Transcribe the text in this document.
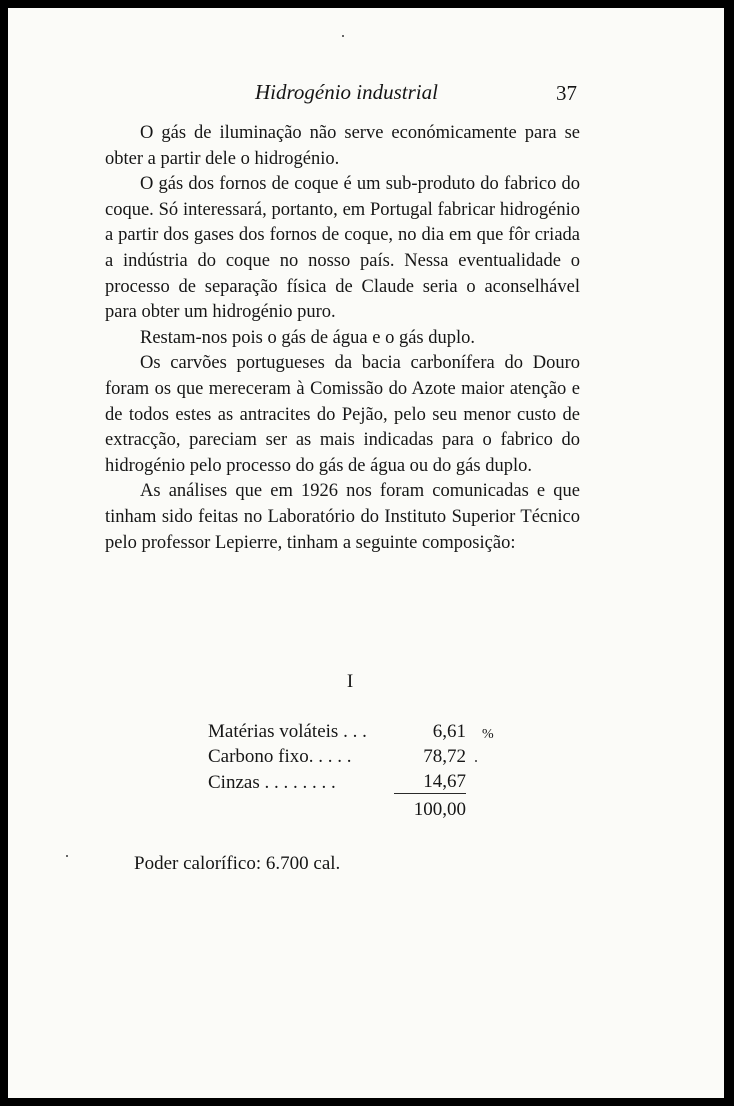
Hidrogénio industrial	37

O gás de iluminação não serve económicamente para se obter a partir dele o hidrogénio.

O gás dos fornos de coque é um sub-produto do fabrico do coque. Só interessará, portanto, em Portugal fabricar hidrogénio a partir dos gases dos fornos de coque, no dia em que fôr criada a indústria do coque no nosso país. Nessa eventualidade o processo de separação física de Claude seria o aconselhável para obter um hidrogénio puro.

Restam-nos pois o gás de água e o gás duplo.

Os carvões portugueses da bacia carbonífera do Douro foram os que mereceram à Comissão do Azote maior atenção e de todos estes as antracites do Pejão, pelo seu menor custo de extracção, pareciam ser as mais indicadas para o fabrico do hidrogénio pelo processo do gás de água ou do gás duplo.

As análises que em 1926 nos foram comunicadas e que tinham sido feitas no Laboratório do Instituto Superior Técnico pelo professor Lepierre, tinham a seguinte composição:

I
Matérias voláteis . . .	6,61	%
Carbono fixo. . . . .	78,72	
Cinzas . . . . . . . .	14,67	
	100,00	
Poder calorífico: 6.700 cal.
